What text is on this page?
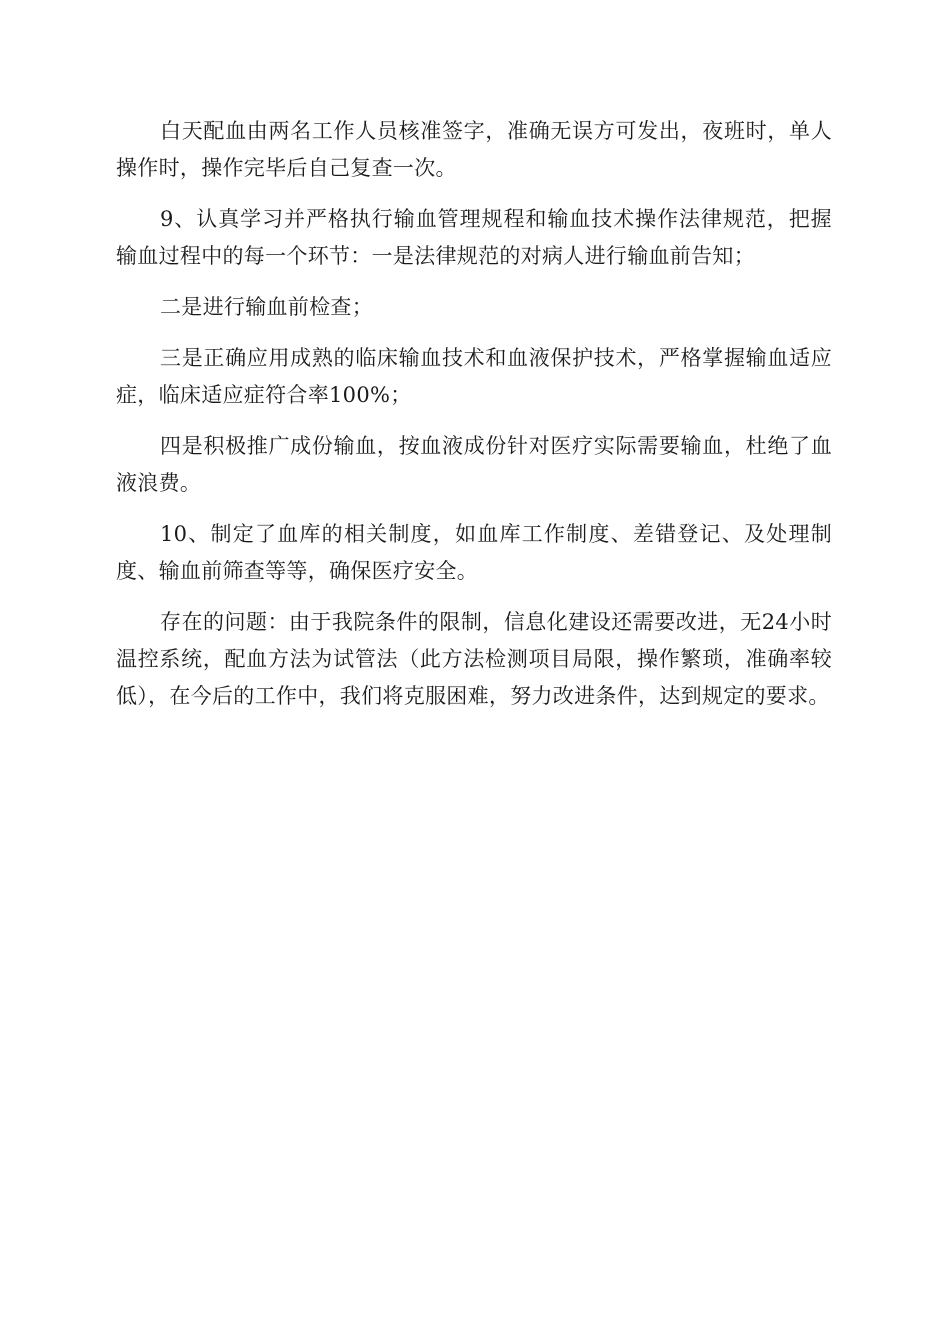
白天配血由两名工作人员核准签字，准确无误方可发出，夜班时，单人操作时，操作完毕后自己复查一次。

9、认真学习并严格执行输血管理规程和输血技术操作法律规范，把握输血过程中的每一个环节：一是法律规范的对病人进行输血前告知；

二是进行输血前检查；

三是正确应用成熟的临床输血技术和血液保护技术，严格掌握输血适应症，临床适应症符合率100%；

四是积极推广成份输血，按血液成份针对医疗实际需要输血，杜绝了血液浪费。

10、制定了血库的相关制度，如血库工作制度、差错登记、及处理制度、输血前筛查等等，确保医疗安全。

存在的问题：由于我院条件的限制，信息化建设还需要改进，无24小时温控系统，配血方法为试管法（此方法检测项目局限，操作繁琐，准确率较低），在今后的工作中，我们将克服困难，努力改进条件，达到规定的要求。
